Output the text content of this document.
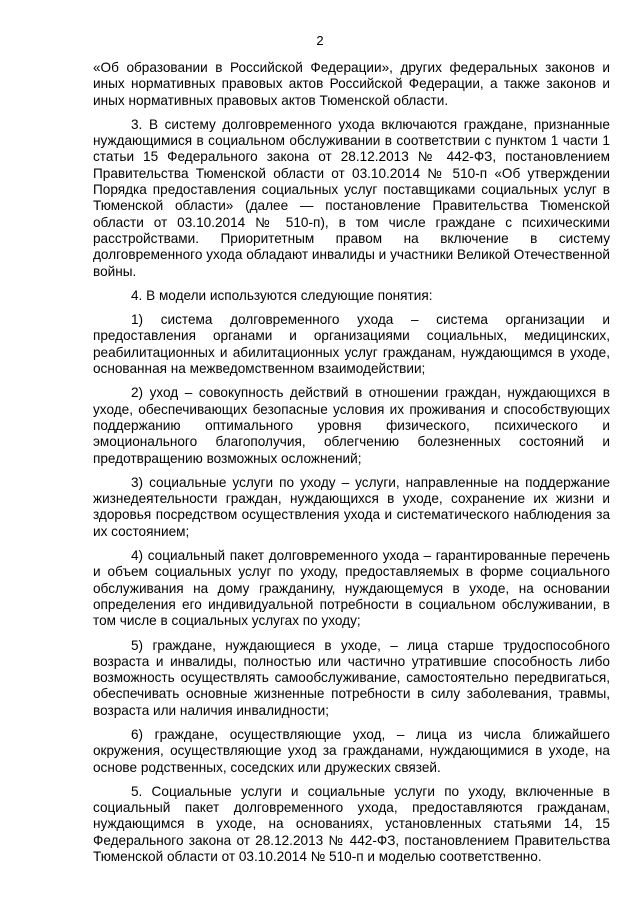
2

«Об образовании в Российской Федерации», других федеральных законов и иных нормативных правовых актов Российской Федерации, а также законов и иных нормативных правовых актов Тюменской области.

3. В систему долговременного ухода включаются граждане, признанные нуждающимися в социальном обслуживании в соответствии с пунктом 1 части 1 статьи 15 Федерального закона от 28.12.2013 № 442-ФЗ, постановлением Правительства Тюменской области от 03.10.2014 № 510-п «Об утверждении Порядка предоставления социальных услуг поставщиками социальных услуг в Тюменской области» (далее — постановление Правительства Тюменской области от 03.10.2014 № 510-п), в том числе граждане с психическими расстройствами. Приоритетным правом на включение в систему долговременного ухода обладают инвалиды и участники Великой Отечественной войны.

4. В модели используются следующие понятия:

1) система долговременного ухода – система организации и предоставления органами и организациями социальных, медицинских, реабилитационных и абилитационных услуг гражданам, нуждающимся в уходе, основанная на межведомственном взаимодействии;

2) уход – совокупность действий в отношении граждан, нуждающихся в уходе, обеспечивающих безопасные условия их проживания и способствующих поддержанию оптимального уровня физического, психического и эмоционального благополучия, облегчению болезненных состояний и предотвращению возможных осложнений;

3) социальные услуги по уходу – услуги, направленные на поддержание жизнедеятельности граждан, нуждающихся в уходе, сохранение их жизни и здоровья посредством осуществления ухода и систематического наблюдения за их состоянием;

4) социальный пакет долговременного ухода – гарантированные перечень и объем социальных услуг по уходу, предоставляемых в форме социального обслуживания на дому гражданину, нуждающемуся в уходе, на основании определения его индивидуальной потребности в социальном обслуживании, в том числе в социальных услугах по уходу;

5) граждане, нуждающиеся в уходе, – лица старше трудоспособного возраста и инвалиды, полностью или частично утратившие способность либо возможность осуществлять самообслуживание, самостоятельно передвигаться, обеспечивать основные жизненные потребности в силу заболевания, травмы, возраста или наличия инвалидности;

6) граждане, осуществляющие уход, – лица из числа ближайшего окружения, осуществляющие уход за гражданами, нуждающимися в уходе, на основе родственных, соседских или дружеских связей.

5. Социальные услуги и социальные услуги по уходу, включенные в социальный пакет долговременного ухода, предоставляются гражданам, нуждающимся в уходе, на основаниях, установленных статьями 14, 15 Федерального закона от 28.12.2013 № 442-ФЗ, постановлением Правительства Тюменской области от 03.10.2014 № 510-п и моделью соответственно.
